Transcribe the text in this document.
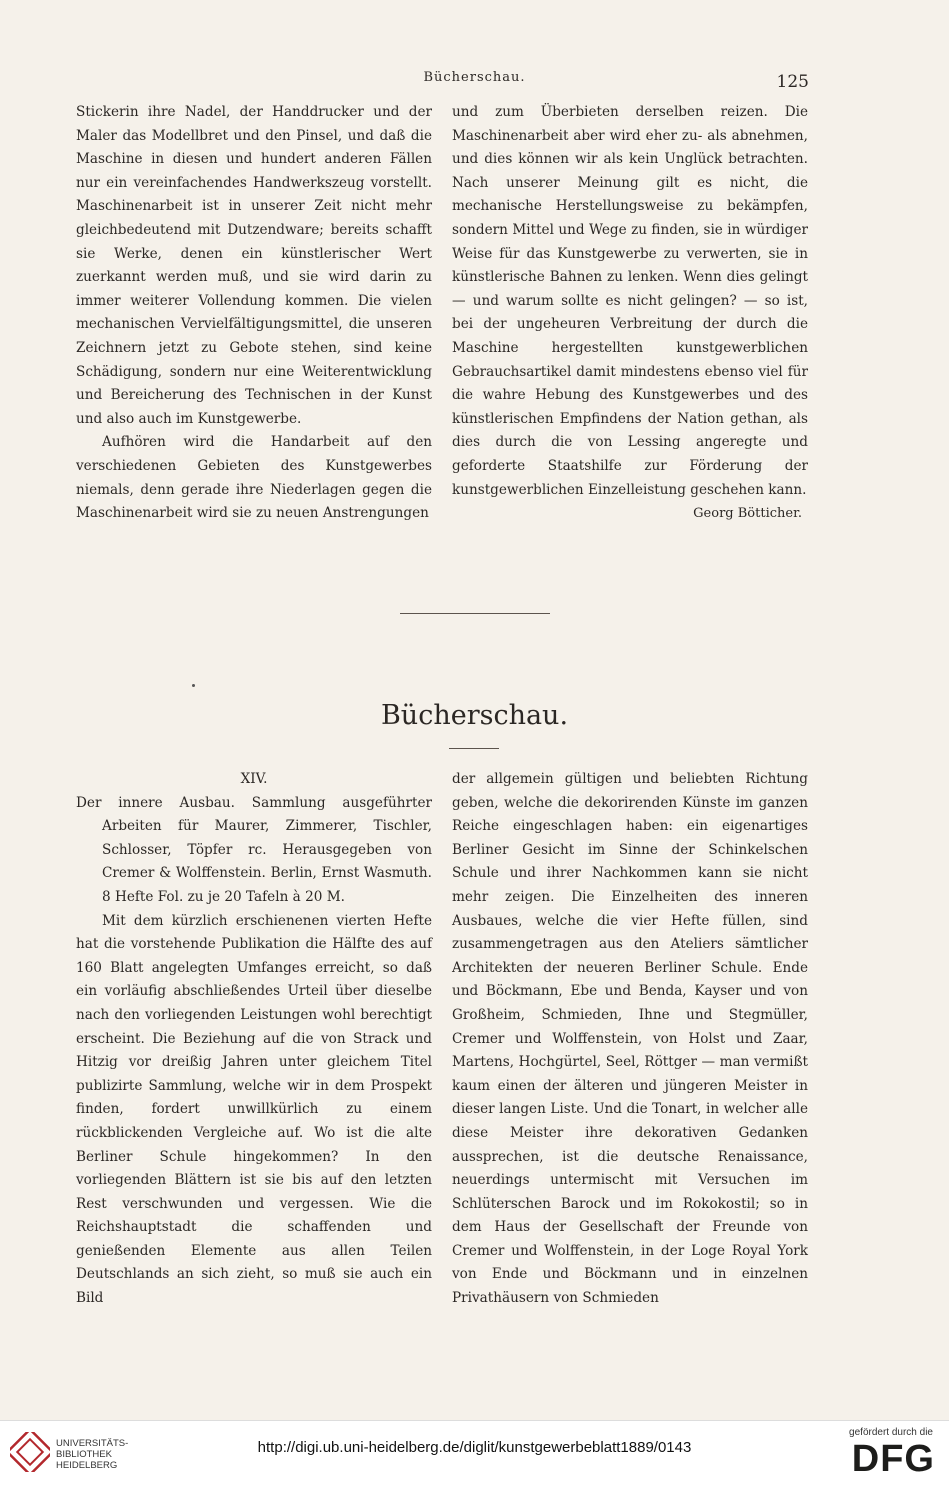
Bücherschau.	125

Stickerin ihre Nadel, der Handdrucker und der Maler das Modellbret und den Pinsel, und daß die Maschine in diesen und hundert anderen Fällen nur ein vereinfachendes Handwerkszeug vorstellt. Maschinenarbeit ist in unserer Zeit nicht mehr gleichbedeutend mit Dutzendware; bereits schafft sie Werke, denen ein künstlerischer Wert zuerkannt werden muß, und sie wird darin zu immer weiterer Vollendung kommen. Die vielen mechanischen Vervielfältigungsmittel, die unseren Zeichnern jetzt zu Gebote stehen, sind keine Schädigung, sondern nur eine Weiterentwicklung und Bereicherung des Technischen in der Kunst und also auch im Kunstgewerbe.

Aufhören wird die Handarbeit auf den verschiedenen Gebieten des Kunstgewerbes niemals, denn gerade ihre Niederlagen gegen die Maschinenarbeit wird sie zu neuen Anstrengungen

und zum Überbieten derselben reizen. Die Maschinenarbeit aber wird eher zu- als abnehmen, und dies können wir als kein Unglück betrachten. Nach unserer Meinung gilt es nicht, die mechanische Herstellungsweise zu bekämpfen, sondern Mittel und Wege zu finden, sie in würdiger Weise für das Kunstgewerbe zu verwerten, sie in künstlerische Bahnen zu lenken. Wenn dies gelingt — und warum sollte es nicht gelingen? — so ist, bei der ungeheuren Verbreitung der durch die Maschine hergestellten kunstgewerblichen Gebrauchsartikel damit mindestens ebenso viel für die wahre Hebung des Kunstgewerbes und des künstlerischen Empfindens der Nation gethan, als dies durch die von Lessing angeregte und geforderte Staatshilfe zur Förderung der kunstgewerblichen Einzelleistung geschehen kann.

Georg Bötticher.

Bücherschau.

XIV.

Der innere Ausbau. Sammlung ausgeführter Arbeiten für Maurer, Zimmerer, Tischler, Schlosser, Töpfer rc. Herausgegeben von Cremer & Wolffenstein. Berlin, Ernst Wasmuth. 8 Hefte Fol. zu je 20 Tafeln à 20 M.

Mit dem kürzlich erschienenen vierten Hefte hat die vorstehende Publikation die Hälfte des auf 160 Blatt angelegten Umfanges erreicht, so daß ein vorläufig abschließendes Urteil über dieselbe nach den vorliegenden Leistungen wohl berechtigt erscheint. Die Beziehung auf die von Strack und Hitzig vor dreißig Jahren unter gleichem Titel publizirte Sammlung, welche wir in dem Prospekt finden, fordert unwillkürlich zu einem rückblickenden Vergleiche auf. Wo ist die alte Berliner Schule hingekommen? In den vorliegenden Blättern ist sie bis auf den letzten Rest verschwunden und vergessen. Wie die Reichshauptstadt die schaffenden und genießenden Elemente aus allen Teilen Deutschlands an sich zieht, so muß sie auch ein Bild

der allgemein gültigen und beliebten Richtung geben, welche die dekorirenden Künste im ganzen Reiche eingeschlagen haben: ein eigenartiges Berliner Gesicht im Sinne der Schinkelschen Schule und ihrer Nachkommen kann sie nicht mehr zeigen. Die Einzelheiten des inneren Ausbaues, welche die vier Hefte füllen, sind zusammengetragen aus den Ateliers sämtlicher Architekten der neueren Berliner Schule. Ende und Böckmann, Ebe und Benda, Kayser und von Großheim, Schmieden, Ihne und Stegmüller, Cremer und Wolffenstein, von Holst und Zaar, Martens, Hochgürtel, Seel, Röttger — man vermißt kaum einen der älteren und jüngeren Meister in dieser langen Liste. Und die Tonart, in welcher alle diese Meister ihre dekorativen Gedanken aussprechen, ist die deutsche Renaissance, neuerdings untermischt mit Versuchen im Schlüterschen Barock und im Rokokostil; so in dem Haus der Gesellschaft der Freunde von Cremer und Wolffenstein, in der Loge Royal York von Ende und Böckmann und in einzelnen Privathäusern von Schmieden

UNIVERSITÄTS-
BIBLIOTHEK
HEIDELBERG
http://digi.ub.uni-heidelberg.de/diglit/kunstgewerbeblatt1889/0143
gefördert durch die
DFG
